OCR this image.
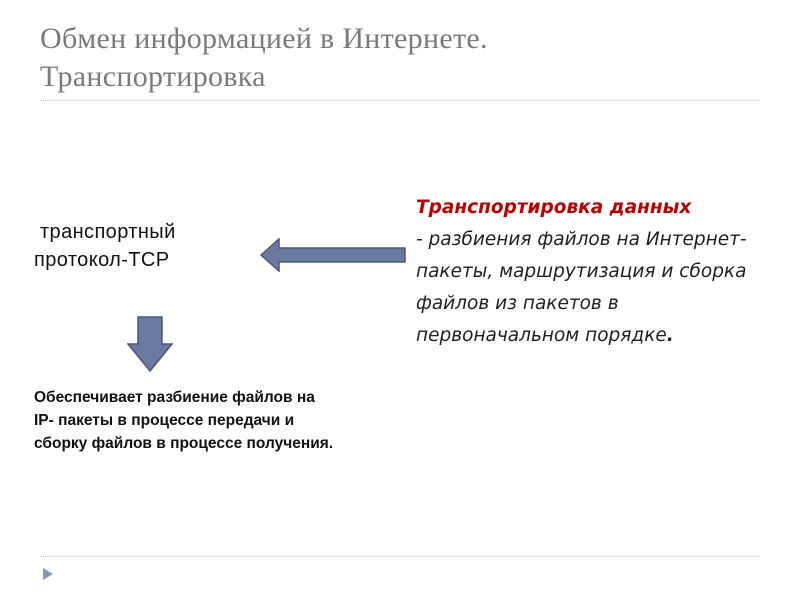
Обмен информацией в Интернете.
Транспортировка
транспортный
протокол-TCP
Транспортировка данных
- разбиения файлов на Интернет-пакеты, маршрутизация и сборка файлов из пакетов в первоначальном порядке.
Обеспечивает разбиение файлов на IP- пакеты в процессе передачи и сборку файлов в процессе получения.
